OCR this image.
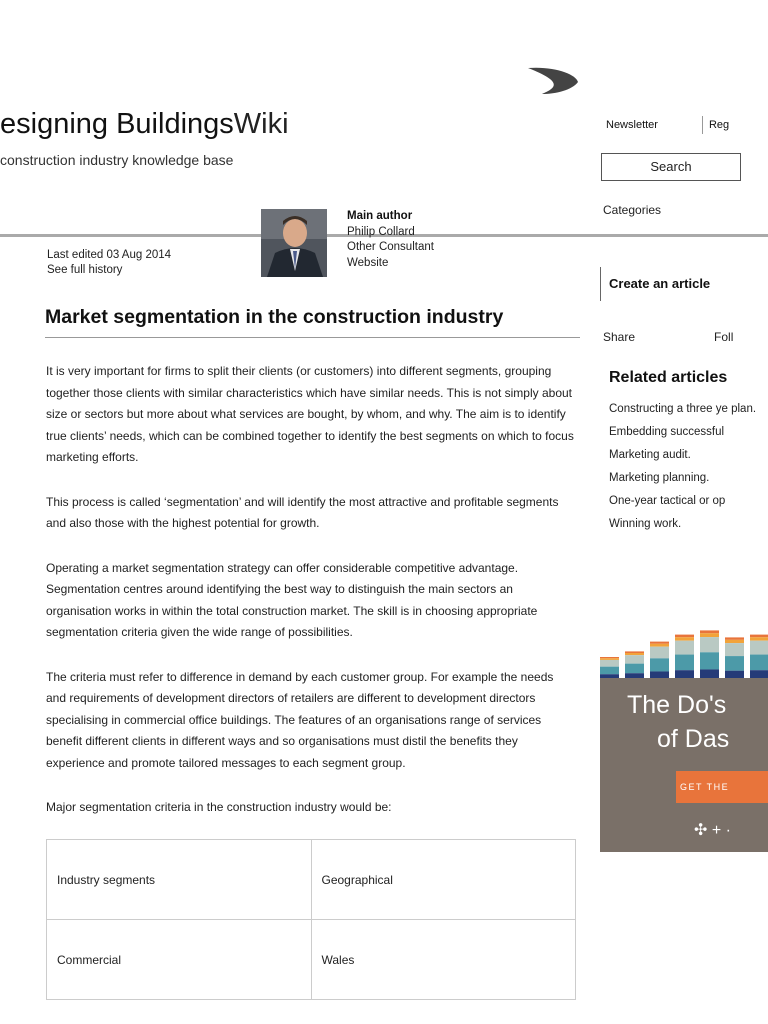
esigning BuildingsWiki
construction industry knowledge base
Newsletter	Reg
Search
Categories
Main author
Philip Collard
Other Consultant
Website
Last edited 03 Aug 2014
See full history
Create an article
Share	Foll
Related articles
Constructing a three ye plan.
Embedding successful
Marketing audit.
Marketing planning.
One-year tactical or op
Winning work.
The Do's
of Das
GET THE
✣ + ·
Market segmentation in the construction industry

It is very important for firms to split their clients (or customers) into different segments, grouping together those clients with similar characteristics which have similar needs. This is not simply about size or sectors but more about what services are bought, by whom, and why. The aim is to identify true clients’ needs, which can be combined together to identify the best segments on which to focus marketing efforts.

This process is called ‘segmentation’ and will identify the most attractive and profitable segments and also those with the highest potential for growth.

Operating a market segmentation strategy can offer considerable competitive advantage. Segmentation centres around identifying the best way to distinguish the main sectors an organisation works in within the total construction market. The skill is in choosing appropriate segmentation criteria given the wide range of possibilities.

The criteria must refer to difference in demand by each customer group. For example the needs and requirements of development directors of retailers are different to development directors specialising in commercial office buildings. The features of an organisations range of services benefit different clients in different ways and so organisations must distil the benefits they experience and promote tailored messages to each segment group.

Major segmentation criteria in the construction industry would be:

Industry segments	Geographical
Commercial	Wales
